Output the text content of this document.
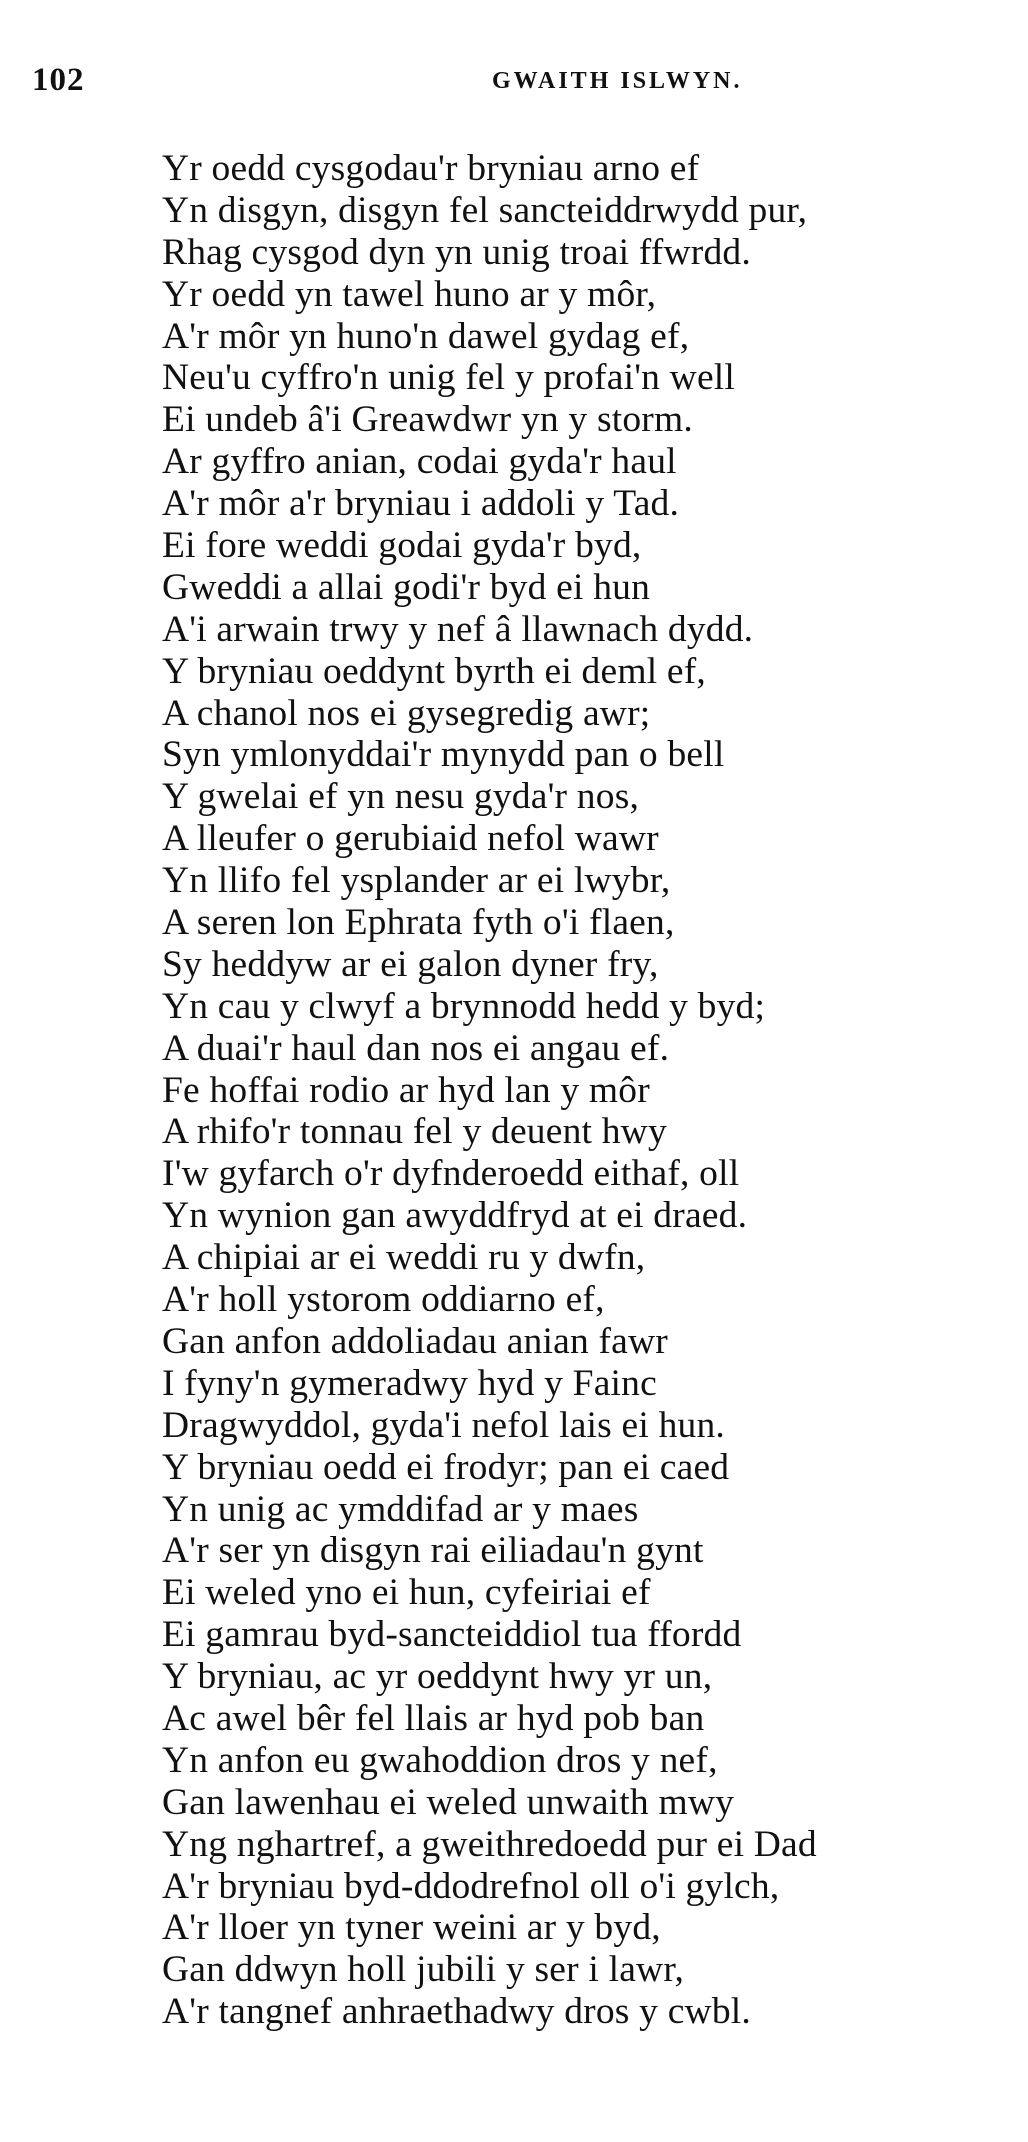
102	GWAITH ISLWYN.
Yr oedd cysgodau'r bryniau arno ef
Yn disgyn, disgyn fel sancteiddrwydd pur,
Rhag cysgod dyn yn unig troai ffwrdd.
Yr oedd yn tawel huno ar y môr,
A'r môr yn huno'n dawel gydag ef,
Neu'u cyffro'n unig fel y profai'n well
Ei undeb â'i Greawdwr yn y storm.
Ar gyffro anian, codai gyda'r haul
A'r môr a'r bryniau i addoli y Tad.
Ei fore weddi godai gyda'r byd,
Gweddi a allai godi'r byd ei hun
A'i arwain trwy y nef â llawnach dydd.
Y bryniau oeddynt byrth ei deml ef,
A chanol nos ei gysegredig awr;
Syn ymlonyddai'r mynydd pan o bell
Y gwelai ef yn nesu gyda'r nos,
A lleufer o gerubiaid nefol wawr
Yn llifo fel ysplander ar ei lwybr,
A seren lon Ephrata fyth o'i flaen,
Sy heddyw ar ei galon dyner fry,
Yn cau y clwyf a brynnodd hedd y byd;
A duai'r haul dan nos ei angau ef.
Fe hoffai rodio ar hyd lan y môr
A rhifo'r tonnau fel y deuent hwy
I'w gyfarch o'r dyfnderoedd eithaf, oll
Yn wynion gan awyddfryd at ei draed.
A chipiai ar ei weddi ru y dwfn,
A'r holl ystorom oddiarno ef,
Gan anfon addoliadau anian fawr
I fyny'n gymeradwy hyd y Fainc
Dragwyddol, gyda'i nefol lais ei hun.
Y bryniau oedd ei frodyr; pan ei caed
Yn unig ac ymddifad ar y maes
A'r ser yn disgyn rai eiliadau'n gynt
Ei weled yno ei hun, cyfeiriai ef
Ei gamrau byd-sancteiddiol tua ffordd
Y bryniau, ac yr oeddynt hwy yr un,
Ac awel bêr fel llais ar hyd pob ban
Yn anfon eu gwahoddion dros y nef,
Gan lawenhau ei weled unwaith mwy
Yng nghartref, a gweithredoedd pur ei Dad
A'r bryniau byd-ddodrefnol oll o'i gylch,
A'r lloer yn tyner weini ar y byd,
Gan ddwyn holl jubili y ser i lawr,
A'r tangnef anhraethadwy dros y cwbl.
